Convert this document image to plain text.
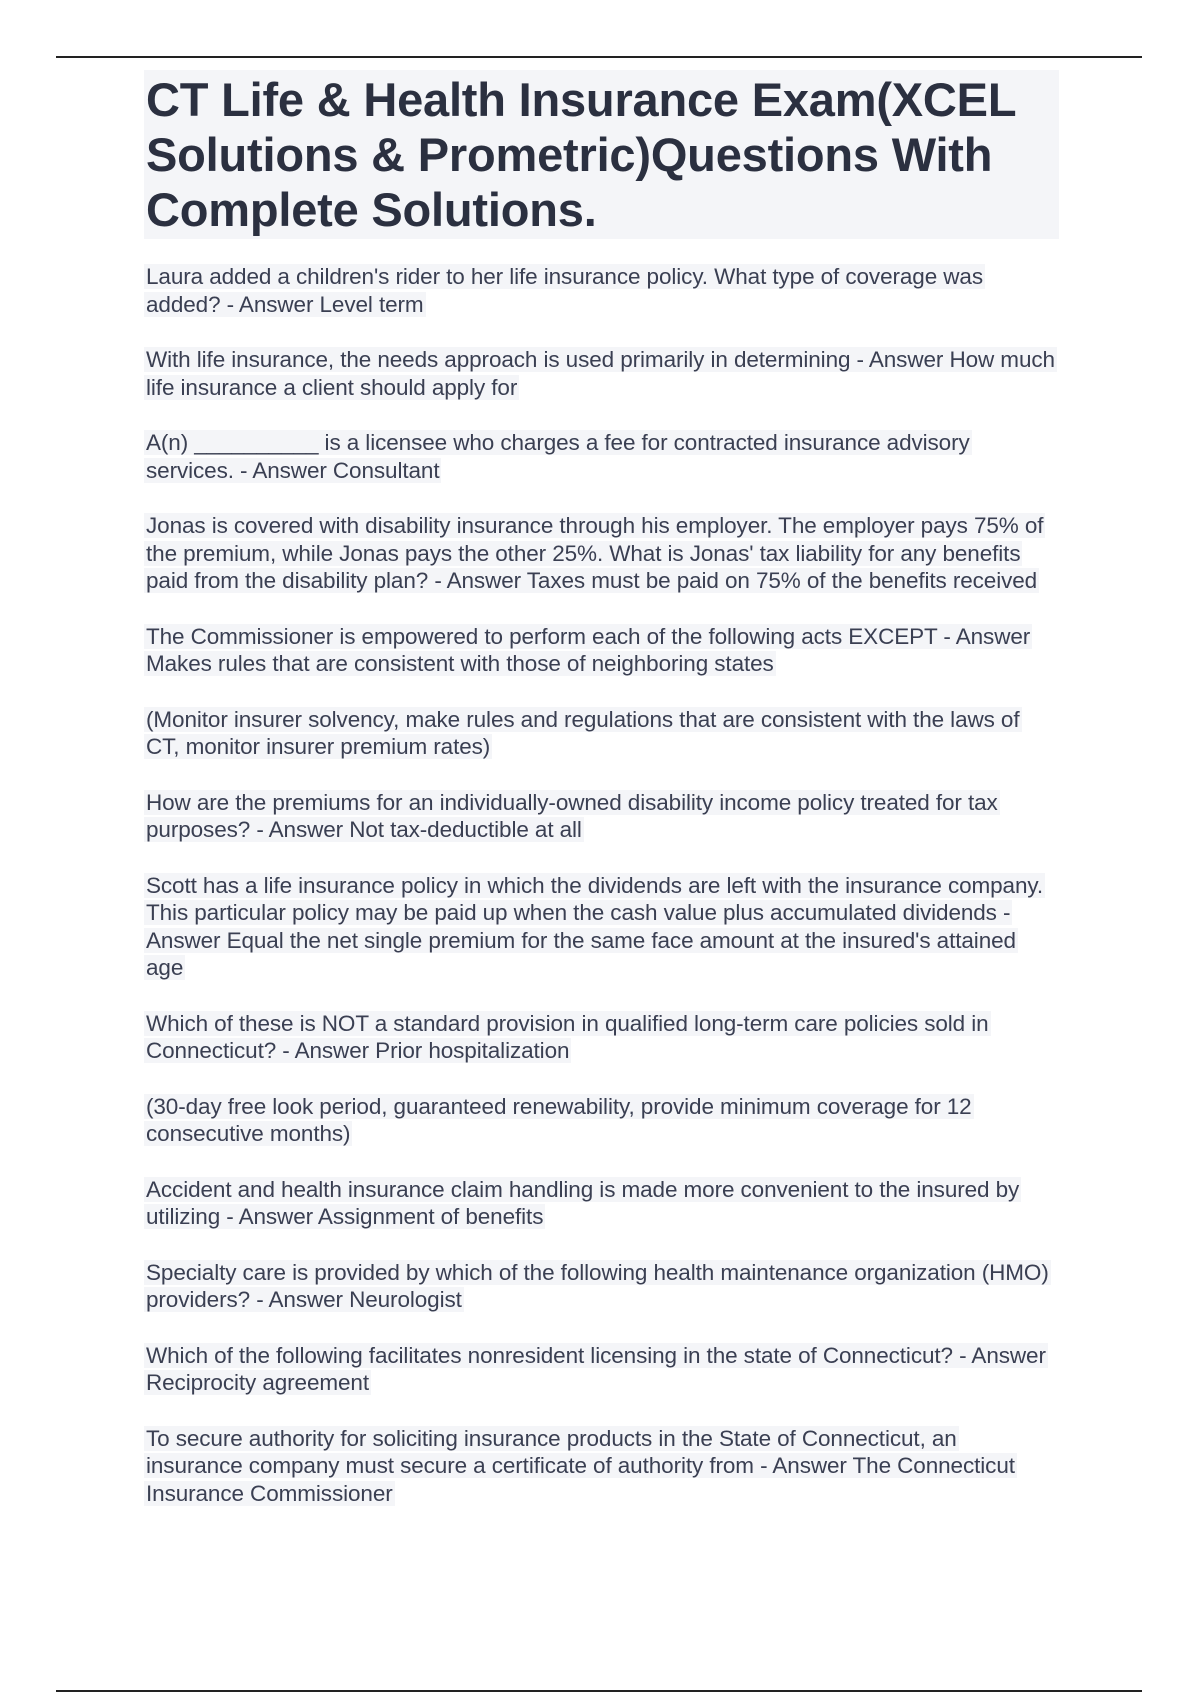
CT Life & Health Insurance Exam(XCEL Solutions & Prometric)Questions With Complete Solutions.

Laura added a children's rider to her life insurance policy. What type of coverage was added? - Answer Level term

With life insurance, the needs approach is used primarily in determining - Answer How much life insurance a client should apply for

A(n) __________ is a licensee who charges a fee for contracted insurance advisory services. - Answer Consultant

Jonas is covered with disability insurance through his employer. The employer pays 75% of the premium, while Jonas pays the other 25%. What is Jonas' tax liability for any benefits paid from the disability plan? - Answer Taxes must be paid on 75% of the benefits received

The Commissioner is empowered to perform each of the following acts EXCEPT - Answer Makes rules that are consistent with those of neighboring states

(Monitor insurer solvency, make rules and regulations that are consistent with the laws of CT, monitor insurer premium rates)

How are the premiums for an individually-owned disability income policy treated for tax purposes? - Answer Not tax-deductible at all

Scott has a life insurance policy in which the dividends are left with the insurance company. This particular policy may be paid up when the cash value plus accumulated dividends - Answer Equal the net single premium for the same face amount at the insured's attained age

Which of these is NOT a standard provision in qualified long-term care policies sold in Connecticut? - Answer Prior hospitalization

(30-day free look period, guaranteed renewability, provide minimum coverage for 12 consecutive months)

Accident and health insurance claim handling is made more convenient to the insured by utilizing - Answer Assignment of benefits

Specialty care is provided by which of the following health maintenance organization (HMO) providers? - Answer Neurologist

Which of the following facilitates nonresident licensing in the state of Connecticut? - Answer Reciprocity agreement

To secure authority for soliciting insurance products in the State of Connecticut, an insurance company must secure a certificate of authority from - Answer The Connecticut Insurance Commissioner
